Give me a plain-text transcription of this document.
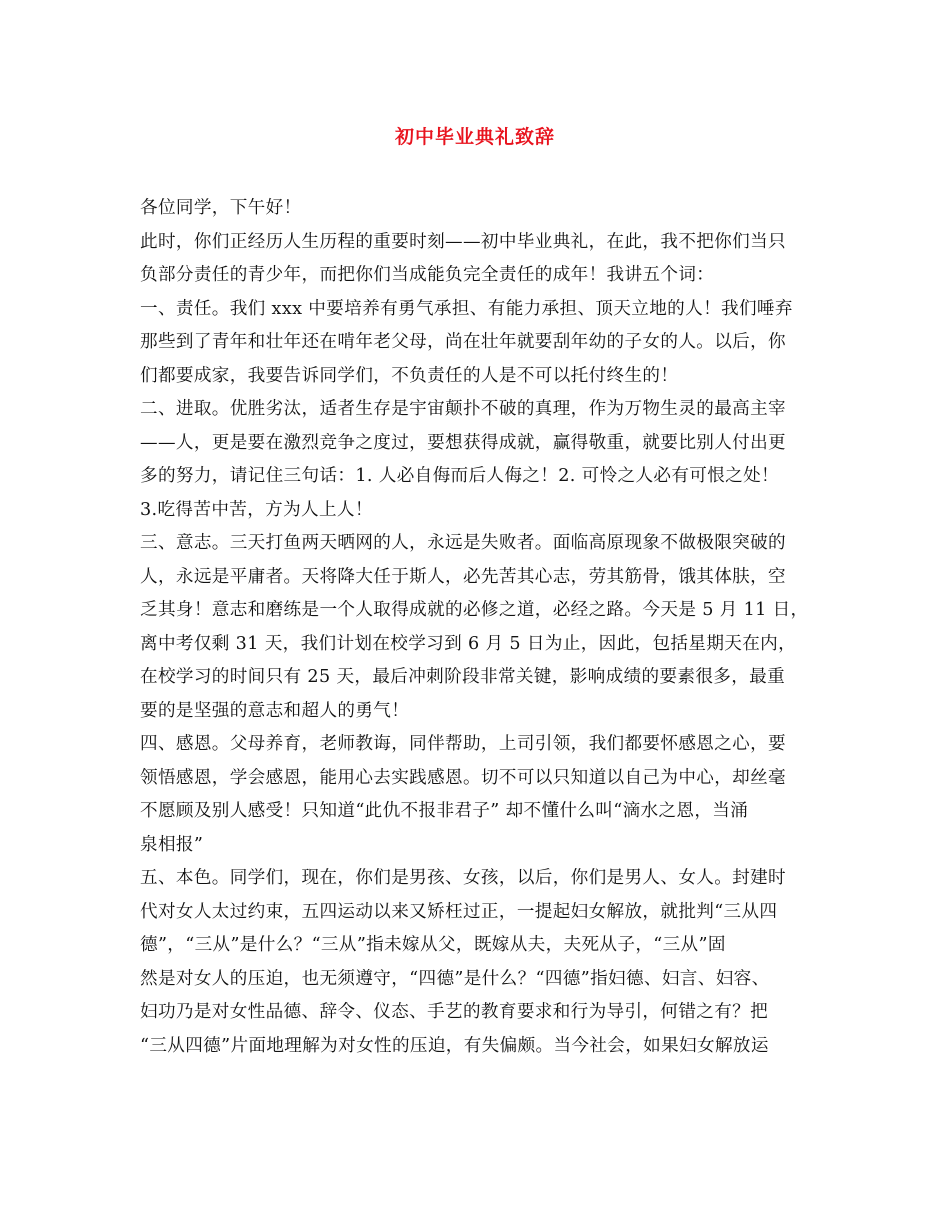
初中毕业典礼致辞
各位同学，下午好！
此时，你们正经历人生历程的重要时刻——初中毕业典礼，在此，我不把你们当只
负部分责任的青少年，而把你们当成能负完全责任的成年！我讲五个词：
一、责任。我们 xxx 中要培养有勇气承担、有能力承担、顶天立地的人！我们唾弃
那些到了青年和壮年还在啃年老父母，尚在壮年就要刮年幼的子女的人。以后，你
们都要成家，我要告诉同学们，不负责任的人是不可以托付终生的！
二、进取。优胜劣汰，适者生存是宇宙颠扑不破的真理，作为万物生灵的最高主宰
——人，更是要在激烈竞争之度过，要想获得成就，赢得敬重，就要比别人付出更
多的努力，请记住三句话：1. 人必自侮而后人侮之！2. 可怜之人必有可恨之处！
3.吃得苦中苦，方为人上人！
三、意志。三天打鱼两天晒网的人，永远是失败者。面临高原现象不做极限突破的
人，永远是平庸者。天将降大任于斯人，必先苦其心志，劳其筋骨，饿其体肤，空
乏其身！意志和磨练是一个人取得成就的必修之道，必经之路。今天是 5 月 11 日，
离中考仅剩 31 天，我们计划在校学习到 6 月 5 日为止，因此，包括星期天在内，
在校学习的时间只有 25 天，最后冲刺阶段非常关键，影响成绩的要素很多，最重
要的是坚强的意志和超人的勇气！
四、感恩。父母养育，老师教诲，同伴帮助，上司引领，我们都要怀感恩之心，要
领悟感恩，学会感恩，能用心去实践感恩。切不可以只知道以自己为中心，却丝毫
不愿顾及别人感受！只知道“此仇不报非君子” 却不懂什么叫“滴水之恩，当涌
泉相报”
五、本色。同学们，现在，你们是男孩、女孩，以后，你们是男人、女人。封建时
代对女人太过约束，五四运动以来又矫枉过正，一提起妇女解放，就批判“三从四
德”，“三从”是什么？“三从”指未嫁从父，既嫁从夫，夫死从子，“三从”固
然是对女人的压迫，也无须遵守，“四德”是什么？“四德”指妇德、妇言、妇容、
妇功乃是对女性品德、辞令、仪态、手艺的教育要求和行为导引，何错之有？把
“三从四德”片面地理解为对女性的压迫，有失偏颇。当今社会，如果妇女解放运
